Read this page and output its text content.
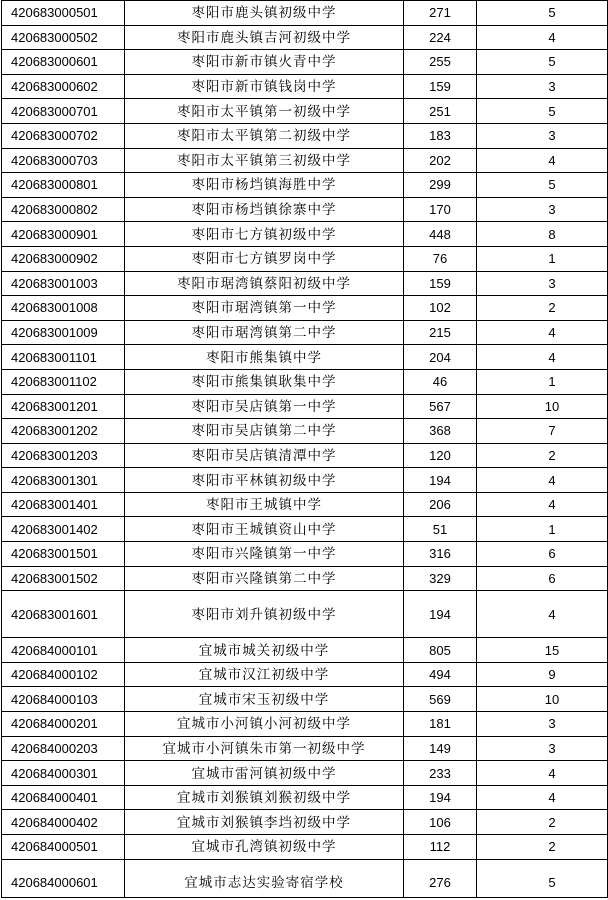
420683000501	枣阳市鹿头镇初级中学	271	5
420683000502	枣阳市鹿头镇吉河初级中学	224	4
420683000601	枣阳市新市镇火青中学	255	5
420683000602	枣阳市新市镇钱岗中学	159	3
420683000701	枣阳市太平镇第一初级中学	251	5
420683000702	枣阳市太平镇第二初级中学	183	3
420683000703	枣阳市太平镇第三初级中学	202	4
420683000801	枣阳市杨垱镇海胜中学	299	5
420683000802	枣阳市杨垱镇徐寨中学	170	3
420683000901	枣阳市七方镇初级中学	448	8
420683000902	枣阳市七方镇罗岗中学	76	1
420683001003	枣阳市琚湾镇蔡阳初级中学	159	3
420683001008	枣阳市琚湾镇第一中学	102	2
420683001009	枣阳市琚湾镇第二中学	215	4
420683001101	枣阳市熊集镇中学	204	4
420683001102	枣阳市熊集镇耿集中学	46	1
420683001201	枣阳市吴店镇第一中学	567	10
420683001202	枣阳市吴店镇第二中学	368	7
420683001203	枣阳市吴店镇清潭中学	120	2
420683001301	枣阳市平林镇初级中学	194	4
420683001401	枣阳市王城镇中学	206	4
420683001402	枣阳市王城镇资山中学	51	1
420683001501	枣阳市兴隆镇第一中学	316	6
420683001502	枣阳市兴隆镇第二中学	329	6
420683001601	枣阳市刘升镇初级中学	194	4
420684000101	宜城市城关初级中学	805	15
420684000102	宜城市汉江初级中学	494	9
420684000103	宜城市宋玉初级中学	569	10
420684000201	宜城市小河镇小河初级中学	181	3
420684000203	宜城市小河镇朱市第一初级中学	149	3
420684000301	宜城市雷河镇初级中学	233	4
420684000401	宜城市刘猴镇刘猴初级中学	194	4
420684000402	宜城市刘猴镇李垱初级中学	106	2
420684000501	宜城市孔湾镇初级中学	112	2
420684000601	宜城市志达实验寄宿学校	276	5
